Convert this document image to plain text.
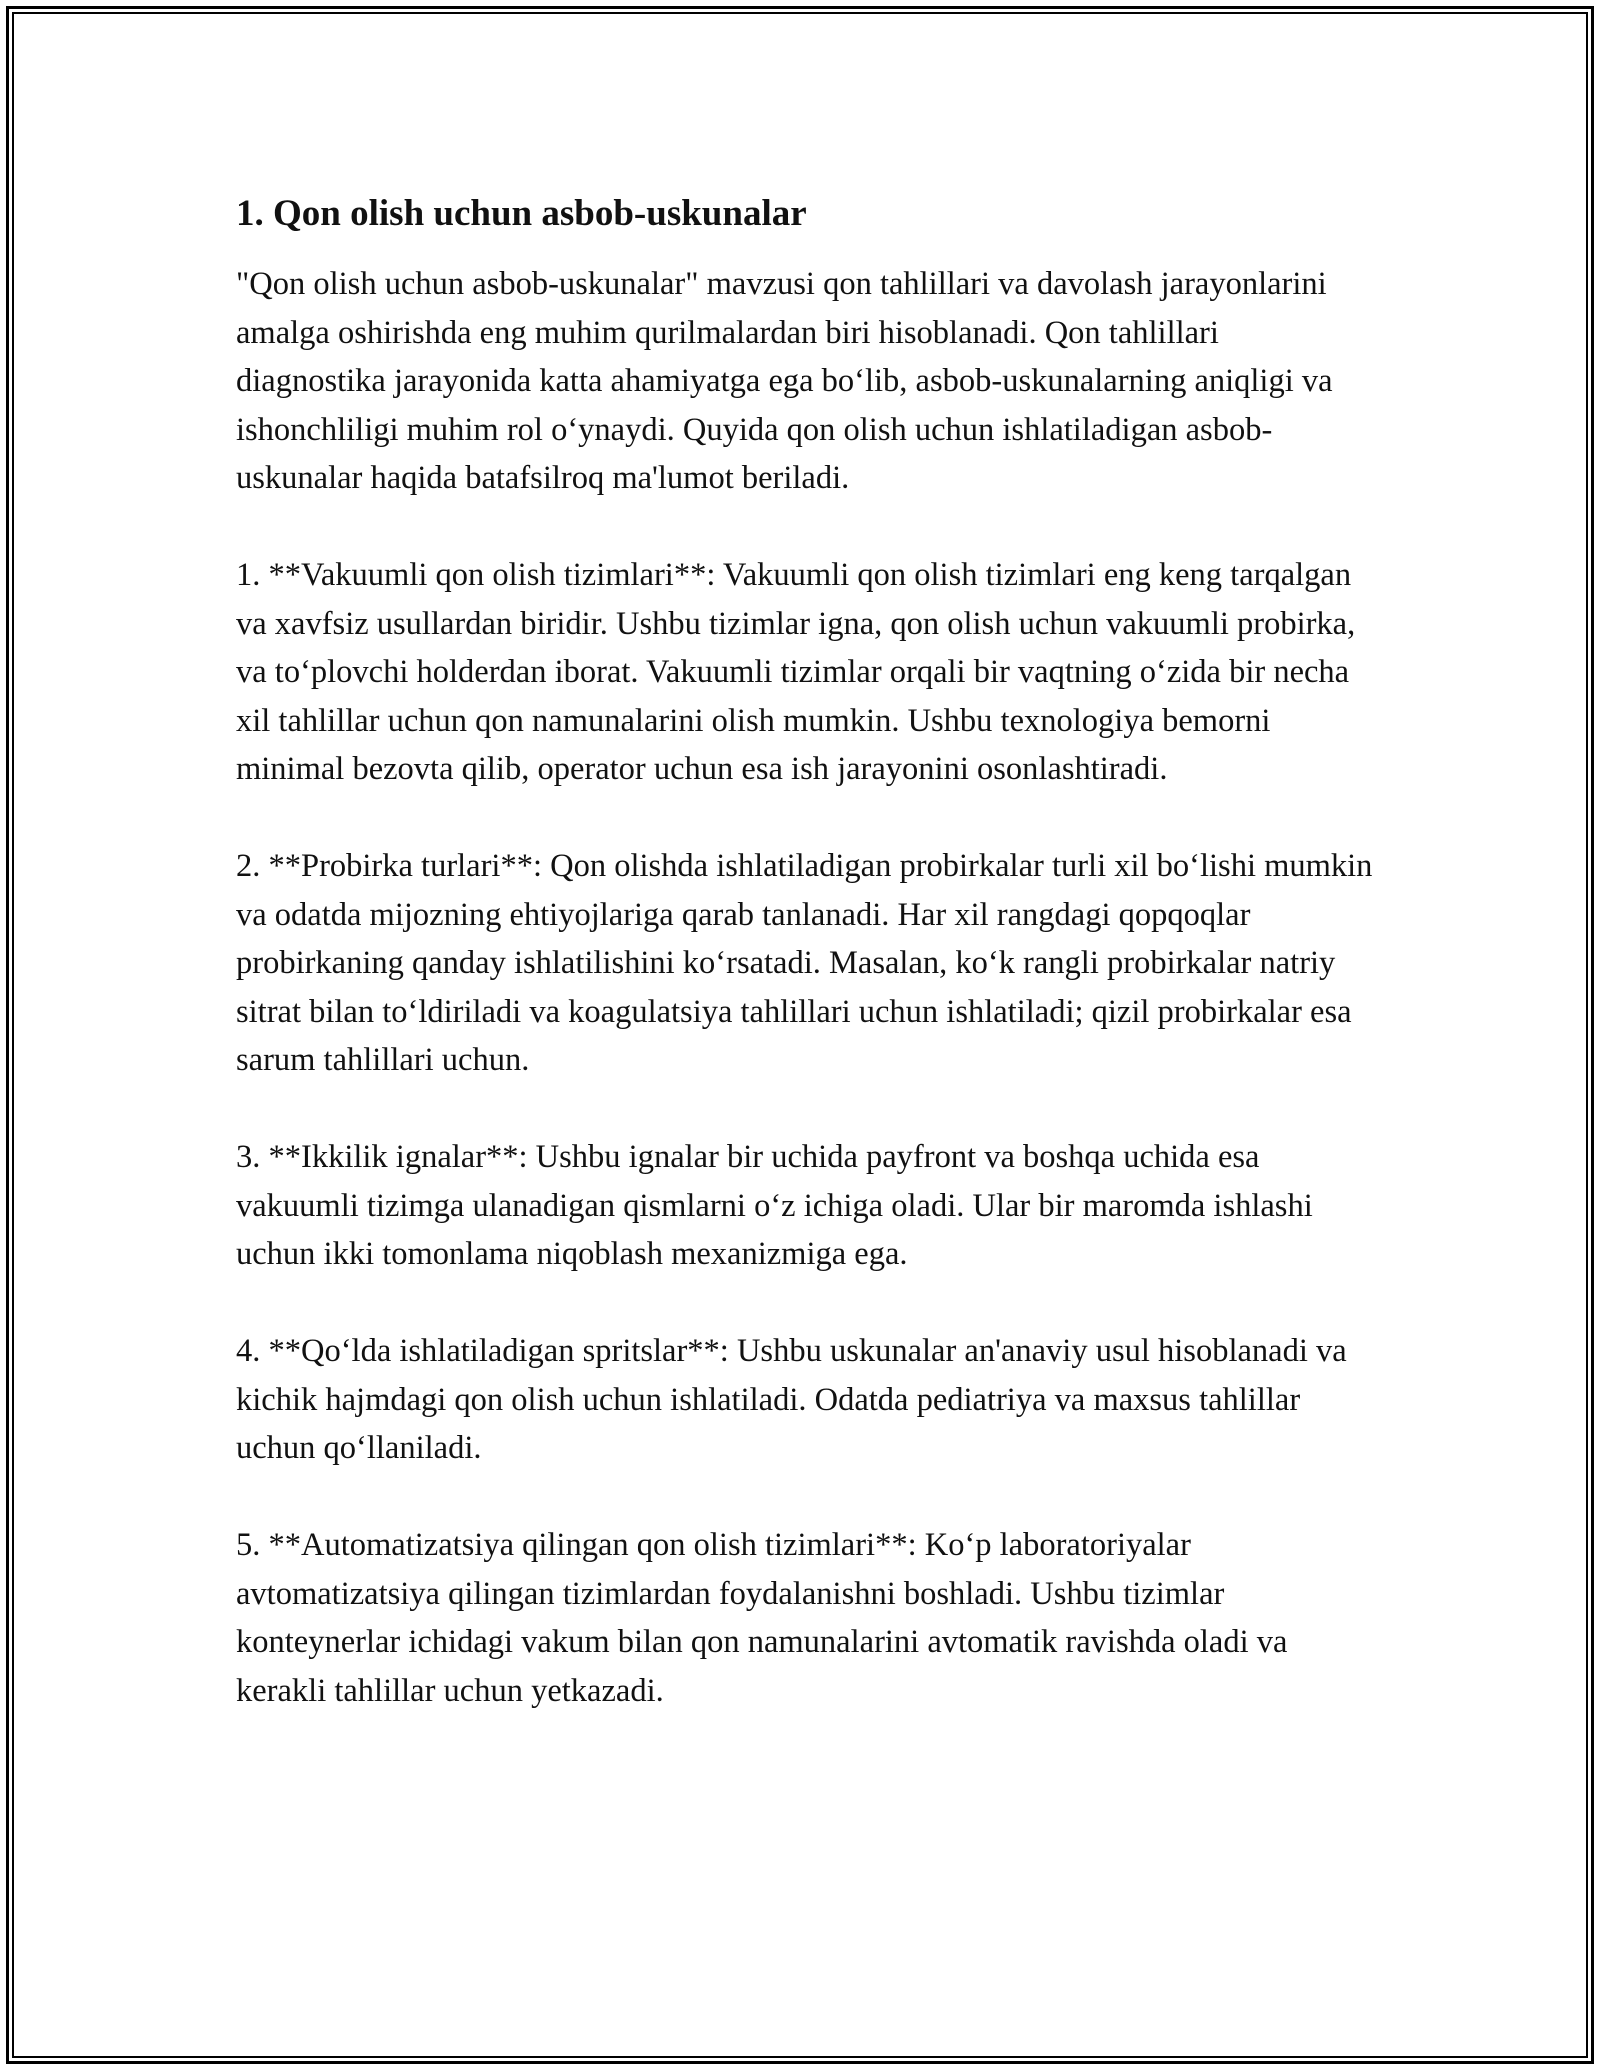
1. Qon olish uchun asbob-uskunalar

"Qon olish uchun asbob-uskunalar" mavzusi qon tahlillari va davolash jarayonlarini amalga oshirishda eng muhim qurilmalardan biri hisoblanadi. Qon tahlillari diagnostika jarayonida katta ahamiyatga ega bo‘lib, asbob-uskunalarning aniqligi va ishonchliligi muhim rol o‘ynaydi. Quyida qon olish uchun ishlatiladigan asbob-uskunalar haqida batafsilroq ma'lumot beriladi.

1. **Vakuumli qon olish tizimlari**: Vakuumli qon olish tizimlari eng keng tarqalgan va xavfsiz usullardan biridir. Ushbu tizimlar igna, qon olish uchun vakuumli probirka, va to‘plovchi holderdan iborat. Vakuumli tizimlar orqali bir vaqtning o‘zida bir necha xil tahlillar uchun qon namunalarini olish mumkin. Ushbu texnologiya bemorni minimal bezovta qilib, operator uchun esa ish jarayonini osonlashtiradi.

2. **Probirka turlari**: Qon olishda ishlatiladigan probirkalar turli xil bo‘lishi mumkin va odatda mijozning ehtiyojlariga qarab tanlanadi. Har xil rangdagi qopqoqlar probirkaning qanday ishlatilishini ko‘rsatadi. Masalan, ko‘k rangli probirkalar natriy sitrat bilan to‘ldiriladi va koagulatsiya tahlillari uchun ishlatiladi; qizil probirkalar esa sarum tahlillari uchun.

3. **Ikkilik ignalar**: Ushbu ignalar bir uchida payfront va boshqa uchida esa vakuumli tizimga ulanadigan qismlarni o‘z ichiga oladi. Ular bir maromda ishlashi uchun ikki tomonlama niqoblash mexanizmiga ega.

4. **Qo‘lda ishlatiladigan spritslar**: Ushbu uskunalar an'anaviy usul hisoblanadi va kichik hajmdagi qon olish uchun ishlatiladi. Odatda pediatriya va maxsus tahlillar uchun qo‘llaniladi.

5. **Automatizatsiya qilingan qon olish tizimlari**: Ko‘p laboratoriyalar avtomatizatsiya qilingan tizimlardan foydalanishni boshladi. Ushbu tizimlar konteynerlar ichidagi vakum bilan qon namunalarini avtomatik ravishda oladi va kerakli tahlillar uchun yetkazadi.
